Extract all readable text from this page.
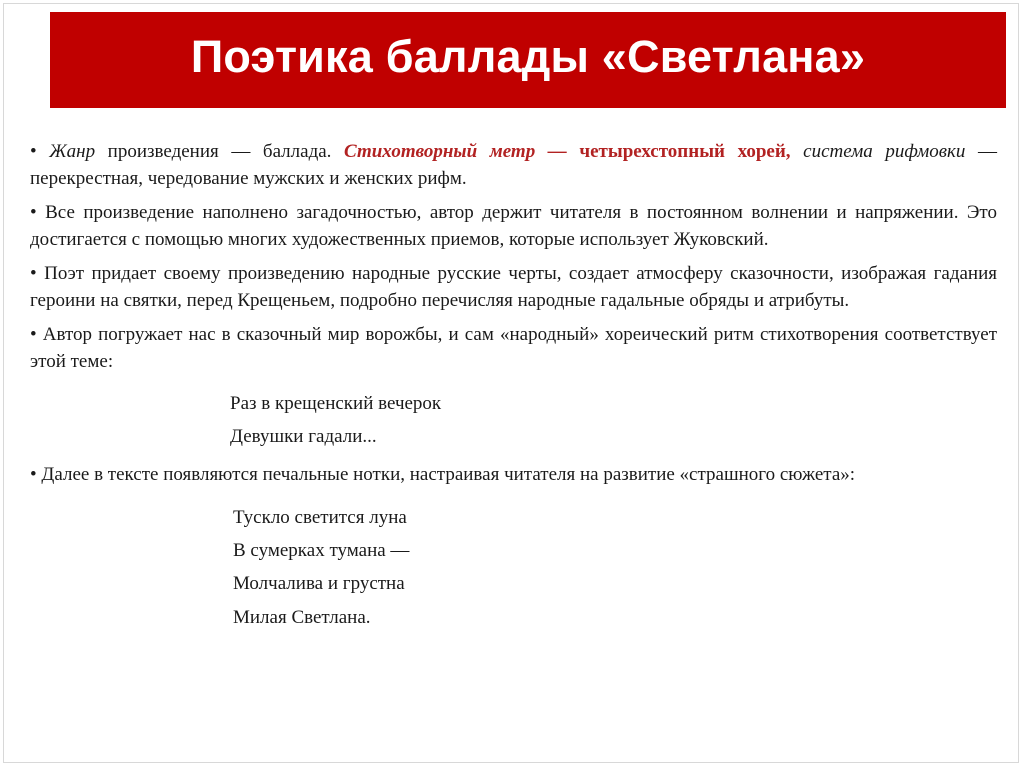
Поэтика баллады «Светлана»

• Жанр произведения — баллада. Стихотворный метр — четырехстопный хорей, система рифмовки — перекрестная, чередование мужских и женских рифм.

• Все произведение наполнено загадочностью, автор держит читателя в постоянном волнении и напряжении. Это достигается с помощью многих художественных приемов, которые использует Жуковский.

• Поэт придает своему произведению народные русские черты, создает атмосферу сказочности, изображая гадания героини на святки, перед Крещеньем, подробно перечисляя народные гадальные обряды и атрибуты.

• Автор погружает нас в сказочный мир ворожбы, и сам «народный» хореический ритм стихотворения соответствует этой теме:

Раз в крещенский вечерок
Девушки гадали...

• Далее в тексте появляются печальные нотки, настраивая читателя на развитие «страшного сюжета»:

Тускло светится луна
В сумерках тумана —
Молчалива и грустна
Милая Светлана.
